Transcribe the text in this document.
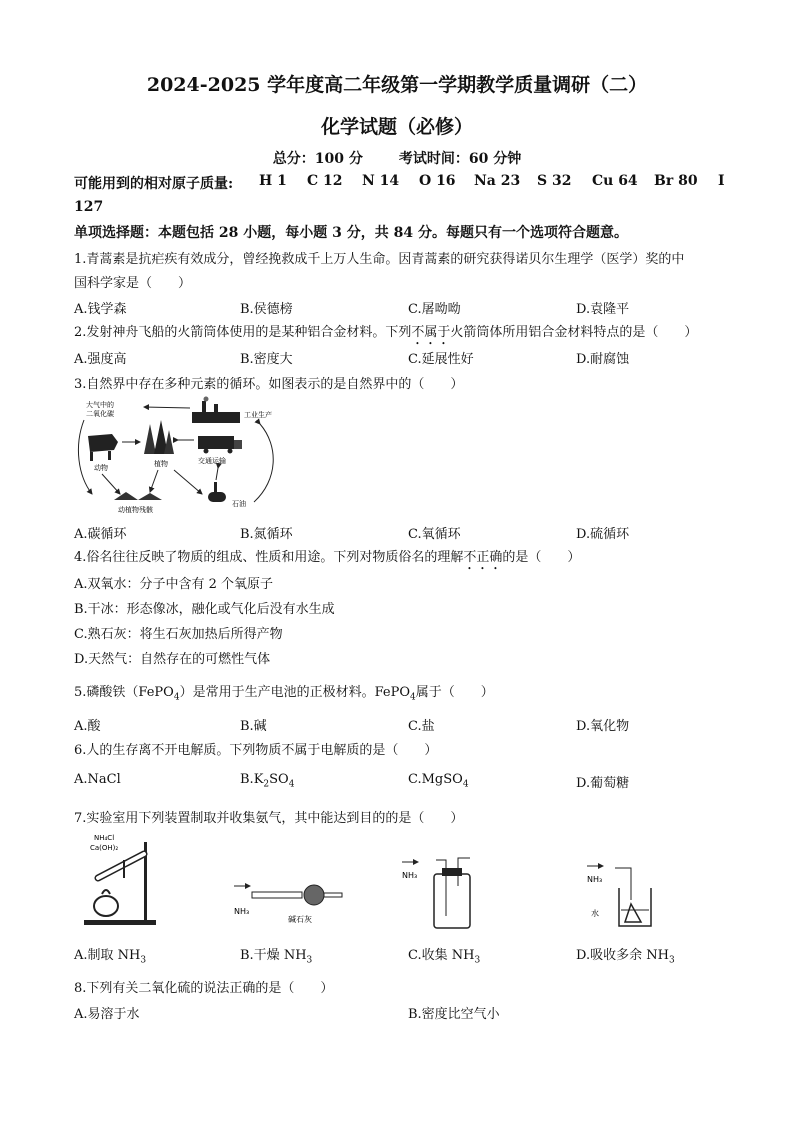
2024-2025 学年度高二年级第一学期教学质量调研（二）
化学试题（必修）
总分：100 分	考试时间：60 分钟
可能用到的相对原子质量: H 1 C 12 N 14 O 16 Na 23 S 32 Cu 64 Br 80 I
127
单项选择题：本题包括 28 小题，每小题 3 分，共 84 分。每题只有一个选项符合题意。
1.青蒿素是抗疟疾有效成分，曾经挽救成千上万人生命。因青蒿素的研究获得诺贝尔生理学（医学）奖的中
国科学家是（　　）
A.钱学森	B.侯德榜	C.屠呦呦	D.袁隆平
2.发射神舟飞船的火箭筒体使用的是某种铝合金材料。下列不属于火箭筒体所用铝合金材料特点的是（　　）
A.强度高	B.密度大	C.延展性好	D.耐腐蚀
3.自然界中存在多种元素的循环。如图表示的是自然界中的（　　）
大气中的
二氧化碳	工业生产
动物	植物	交通运输
动植物残骸
石油
A.碳循环	B.氮循环	C.氧循环	D.硫循环
4.俗名往往反映了物质的组成、性质和用途。下列对物质俗名的理解不正确的是（　　）
A.双氧水：分子中含有 2 个氧原子
B.干冰：形态像冰，融化或气化后没有水生成
C.熟石灰：将生石灰加热后所得产物
D.天然气：自然存在的可燃性气体
5.磷酸铁（FePO$_4$）是常用于生产电池的正极材料。FePO$_4$属于（　　）
A.酸	B.碱	C.盐	D.氧化物
6.人的生存离不开电解质。下列物质不属于电解质的是（　　）
A.NaCl	$B.K_2SO_4$	C.MgSO$_4$	D.葡萄糖
7.实验室用下列装置制取并收集氨气，其中能达到目的的是（　　）
NH₄Cl
Ca(OH)₂
NH₃
碱石灰
NH₃	NH₃
水
A.制取 $NH_3$	B.干燥 $NH_3$	C.收集 $NH_3$	D.吸收多余 $NH_3$
8.下列有关二氧化硫的说法正确的是（　　）
A.易溶于水	B.密度比空气小
